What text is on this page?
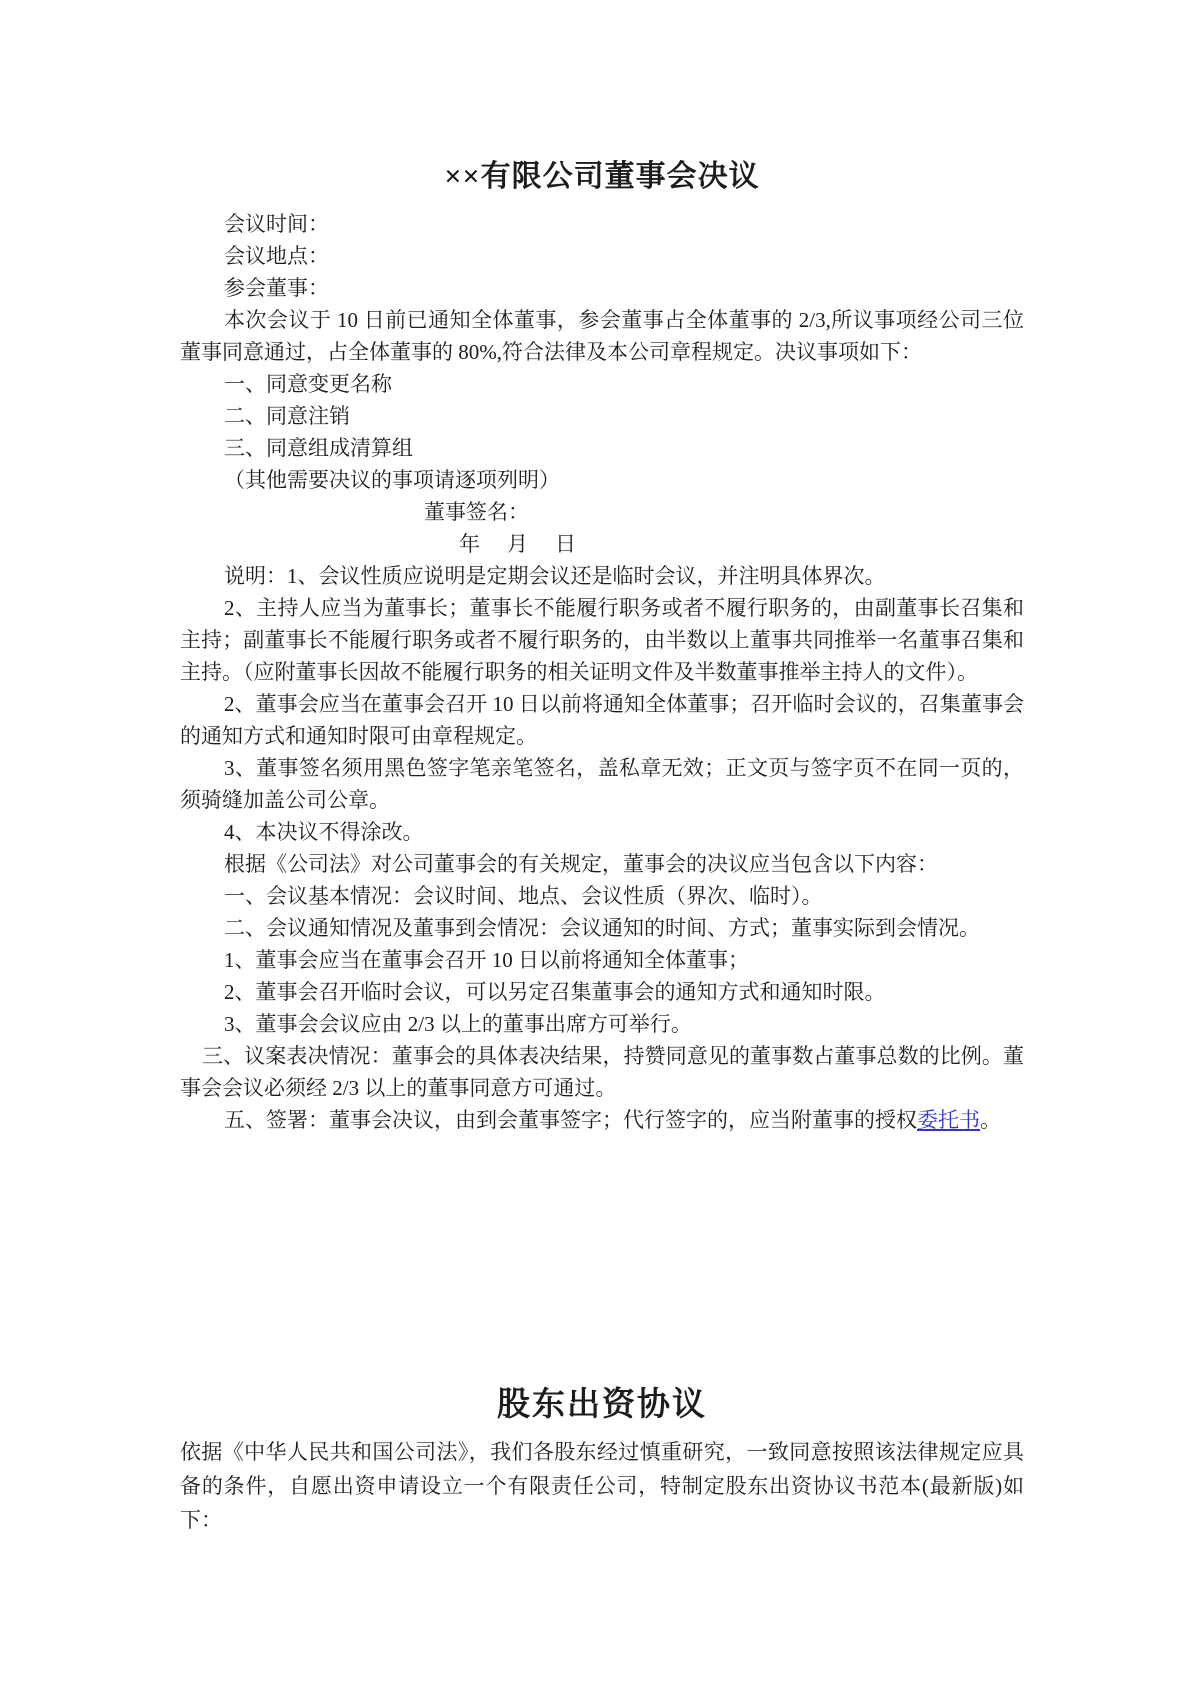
××有限公司董事会决议

会议时间：

会议地点：

参会董事：

本次会议于 10 日前已通知全体董事，参会董事占全体董事的 2/3,所议事项经公司三位董事同意通过，占全体董事的 80%,符合法律及本公司章程规定。决议事项如下：

一、同意变更名称

二、同意注销

三、同意组成清算组

（其他需要决议的事项请逐项列明）

董事签名：

年　月　日

说明：1、会议性质应说明是定期会议还是临时会议，并注明具体界次。

2、主持人应当为董事长；董事长不能履行职务或者不履行职务的，由副董事长召集和主持；副董事长不能履行职务或者不履行职务的，由半数以上董事共同推举一名董事召集和主持。（应附董事长因故不能履行职务的相关证明文件及半数董事推举主持人的文件）。

2、董事会应当在董事会召开 10 日以前将通知全体董事；召开临时会议的，召集董事会的通知方式和通知时限可由章程规定。

3、董事签名须用黑色签字笔亲笔签名，盖私章无效；正文页与签字页不在同一页的，须骑缝加盖公司公章。

4、本决议不得涂改。

根据《公司法》对公司董事会的有关规定，董事会的决议应当包含以下内容：

一、会议基本情况：会议时间、地点、会议性质（界次、临时）。

二、会议通知情况及董事到会情况：会议通知的时间、方式；董事实际到会情况。

1、董事会应当在董事会召开 10 日以前将通知全体董事；

2、董事会召开临时会议，可以另定召集董事会的通知方式和通知时限。

3、董事会会议应由 2/3 以上的董事出席方可举行。

三、议案表决情况：董事会的具体表决结果，持赞同意见的董事数占董事总数的比例。董事会会议必须经 2/3 以上的董事同意方可通过。

五、签署：董事会决议，由到会董事签字；代行签字的，应当附董事的授权委托书。

股东出资协议

依据《中华人民共和国公司法》，我们各股东经过慎重研究，一致同意按照该法律规定应具备的条件，自愿出资申请设立一个有限责任公司，特制定股东出资协议书范本(最新版)如下：
